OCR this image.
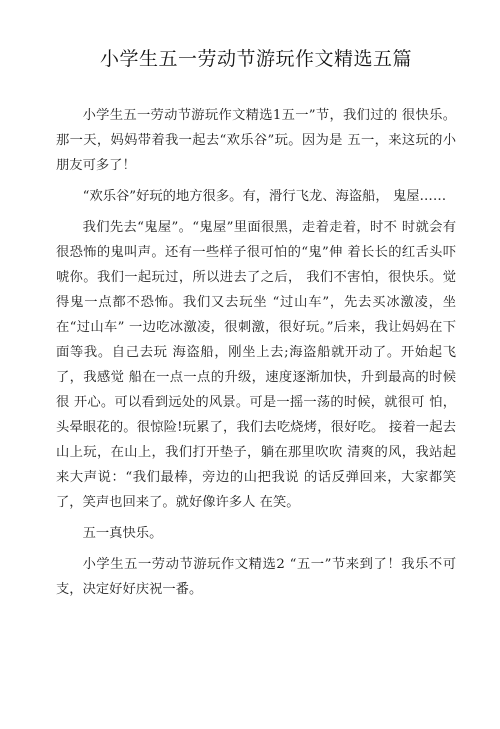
小学生五一劳动节游玩作文精选五篇

小学生五一劳动节游玩作文精选1五一”节，我们过的 很快乐。那一天，妈妈带着我一起去“欢乐谷”玩。因为是 五一，来这玩的小朋友可多了！

“欢乐谷”好玩的地方很多。有，滑行飞龙、海盗船， 鬼屋……

我们先去“鬼屋”。“鬼屋”里面很黑，走着走着，时不 时就会有很恐怖的鬼叫声。还有一些样子很可怕的“鬼”伸 着长长的红舌头吓唬你。我们一起玩过，所以进去了之后， 我们不害怕，很快乐。觉得鬼一点都不恐怖。我们又去玩坐 “过山车”，先去买冰激凌，坐在“过山车” 一边吃冰激凌，很刺激，很好玩。”后来，我让妈妈在下面等我。自己去玩 海盗船，刚坐上去;海盗船就开动了。开始起飞了，我感觉 船在一点一点的升级，速度逐渐加快，升到最高的时候很 开心。可以看到远处的风景。可是一摇一荡的时候，就很可 怕，头晕眼花的。很惊险!玩累了，我们去吃烧烤，很好吃。 接着一起去山上玩，在山上，我们打开垫子，躺在那里吹吹 清爽的风，我站起来大声说：“我们最棒，旁边的山把我说 的话反弹回来，大家都笑了，笑声也回来了。就好像许多人 在笑。

五一真快乐。

小学生五一劳动节游玩作文精选2 “五一”节来到了！我乐不可支，决定好好庆祝一番。
